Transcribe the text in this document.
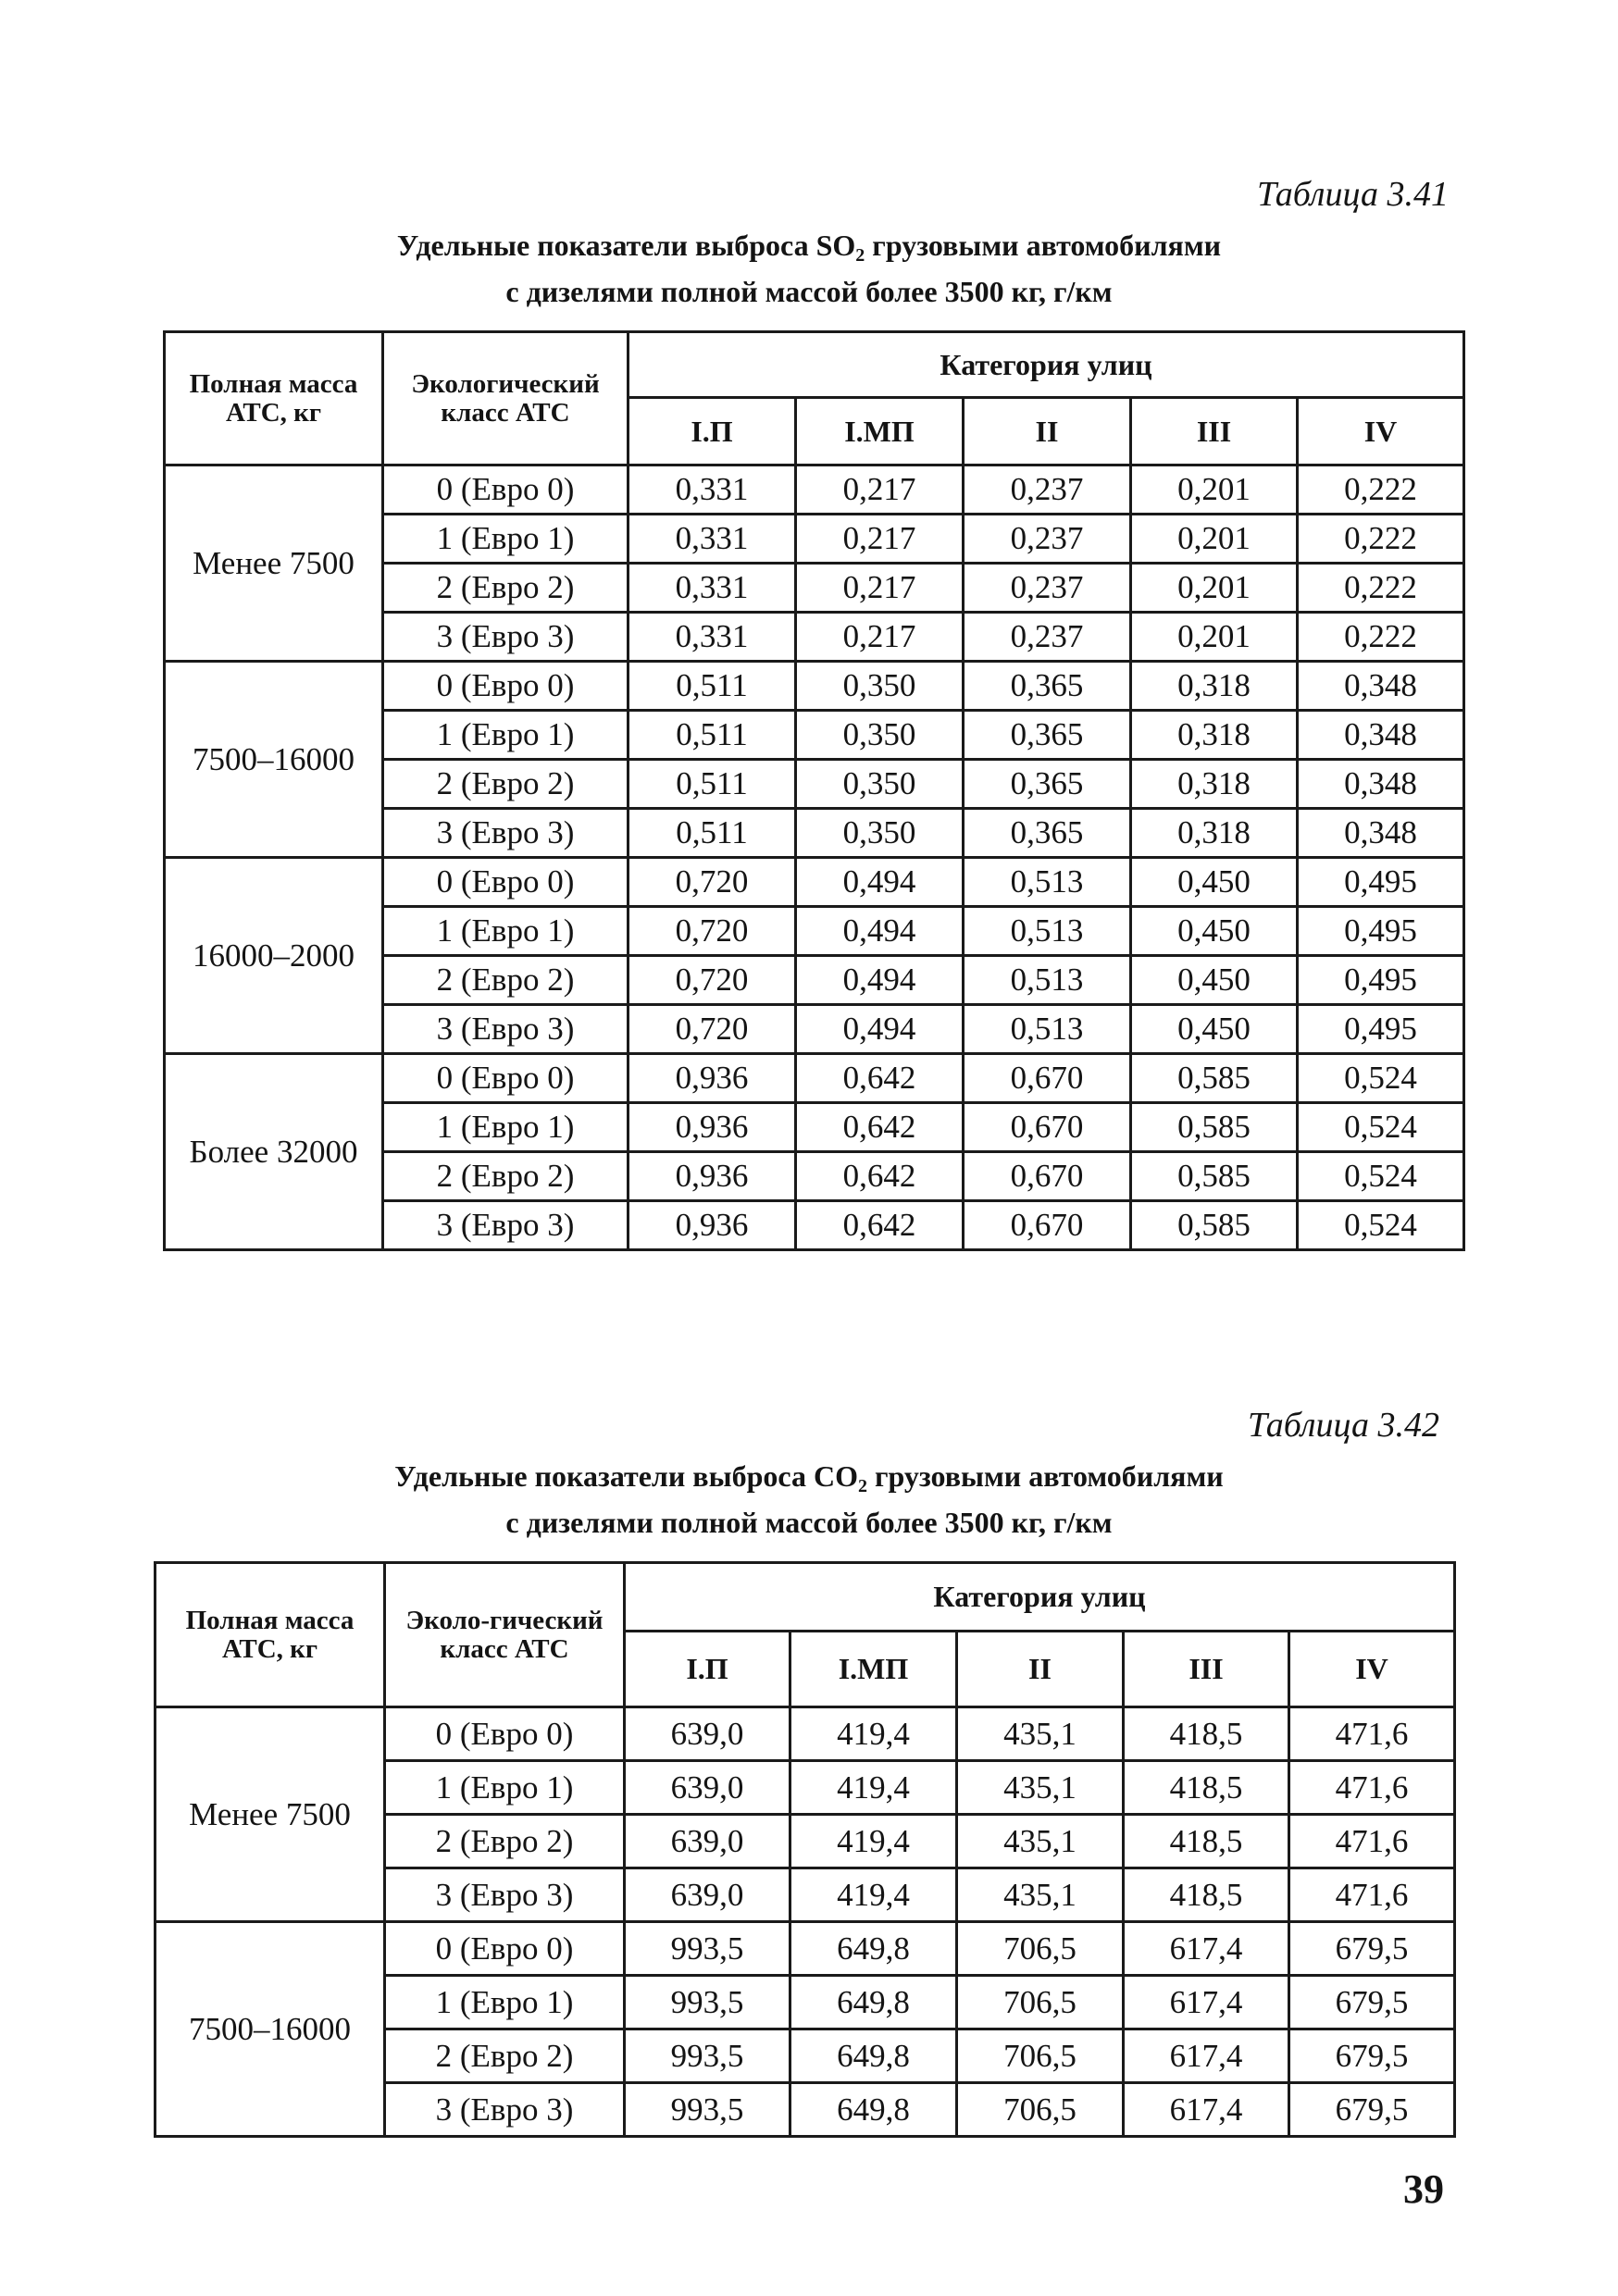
Таблица 3.41
Удельные показатели выброса $SO_2$ грузовыми автомобилями
с дизелями полной массой более 3500 кг, г/км
Полная масса АТС, кг	Экологический класс АТС	Категория улиц				
		I.П	I.МП	II	III	IV
Менее 7500	0 (Евро 0)	0,331	0,217	0,237	0,201	0,222
	1 (Евро 1)	0,331	0,217	0,237	0,201	0,222
	2 (Евро 2)	0,331	0,217	0,237	0,201	0,222
	3 (Евро 3)	0,331	0,217	0,237	0,201	0,222
7500–16000	0 (Евро 0)	0,511	0,350	0,365	0,318	0,348
	1 (Евро 1)	0,511	0,350	0,365	0,318	0,348
	2 (Евро 2)	0,511	0,350	0,365	0,318	0,348
	3 (Евро 3)	0,511	0,350	0,365	0,318	0,348
16000–2000	0 (Евро 0)	0,720	0,494	0,513	0,450	0,495
	1 (Евро 1)	0,720	0,494	0,513	0,450	0,495
	2 (Евро 2)	0,720	0,494	0,513	0,450	0,495
	3 (Евро 3)	0,720	0,494	0,513	0,450	0,495
Более 32000	0 (Евро 0)	0,936	0,642	0,670	0,585	0,524
	1 (Евро 1)	0,936	0,642	0,670	0,585	0,524
	2 (Евро 2)	0,936	0,642	0,670	0,585	0,524
	3 (Евро 3)	0,936	0,642	0,670	0,585	0,524
Таблица 3.42
Удельные показатели выброса $CO_2$ грузовыми автомобилями
с дизелями полной массой более 3500 кг, г/км
Полная масса АТС, кг	Эколо-гический класс АТС	Категория улиц				
		I.П	I.МП	II	III	IV
Менее 7500	0 (Евро 0)	639,0	419,4	435,1	418,5	471,6
	1 (Евро 1)	639,0	419,4	435,1	418,5	471,6
	2 (Евро 2)	639,0	419,4	435,1	418,5	471,6
	3 (Евро 3)	639,0	419,4	435,1	418,5	471,6
7500–16000	0 (Евро 0)	993,5	649,8	706,5	617,4	679,5
	1 (Евро 1)	993,5	649,8	706,5	617,4	679,5
	2 (Евро 2)	993,5	649,8	706,5	617,4	679,5
	3 (Евро 3)	993,5	649,8	706,5	617,4	679,5
39
